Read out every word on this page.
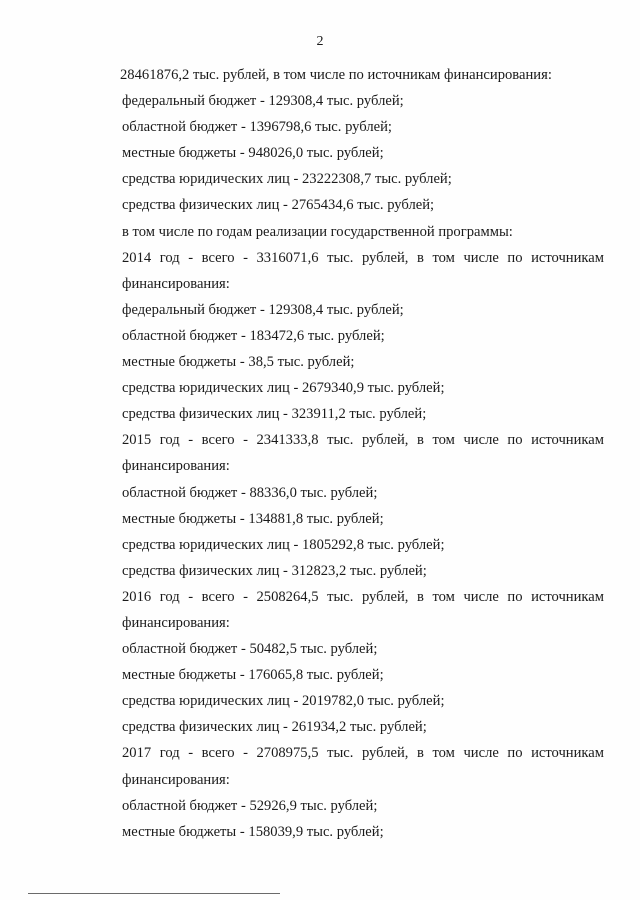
2
28461876,2 тыс. рублей, в том числе по источникам финансирования:
федеральный бюджет - 129308,4 тыс. рублей;
областной бюджет - 1396798,6 тыс. рублей;
местные бюджеты - 948026,0 тыс. рублей;
средства юридических лиц - 23222308,7 тыс. рублей;
средства физических лиц - 2765434,6 тыс. рублей;
в том числе по годам реализации государственной программы:
2014 год - всего - 3316071,6 тыс. рублей, в том числе по источникам
финансирования:
федеральный бюджет - 129308,4 тыс. рублей;
областной бюджет - 183472,6 тыс. рублей;
местные бюджеты - 38,5 тыс. рублей;
средства юридических лиц - 2679340,9 тыс. рублей;
средства физических лиц - 323911,2 тыс. рублей;
2015 год - всего - 2341333,8 тыс. рублей, в том числе по источникам
финансирования:
областной бюджет - 88336,0 тыс. рублей;
местные бюджеты - 134881,8 тыс. рублей;
средства юридических лиц - 1805292,8 тыс. рублей;
средства физических лиц - 312823,2 тыс. рублей;
2016 год - всего - 2508264,5 тыс. рублей, в том числе по источникам
финансирования:
областной бюджет - 50482,5 тыс. рублей;
местные бюджеты - 176065,8 тыс. рублей;
средства юридических лиц - 2019782,0 тыс. рублей;
средства физических лиц - 261934,2 тыс. рублей;
2017 год - всего - 2708975,5 тыс. рублей, в том числе по источникам
финансирования:
областной бюджет - 52926,9 тыс. рублей;
местные бюджеты - 158039,9 тыс. рублей;
